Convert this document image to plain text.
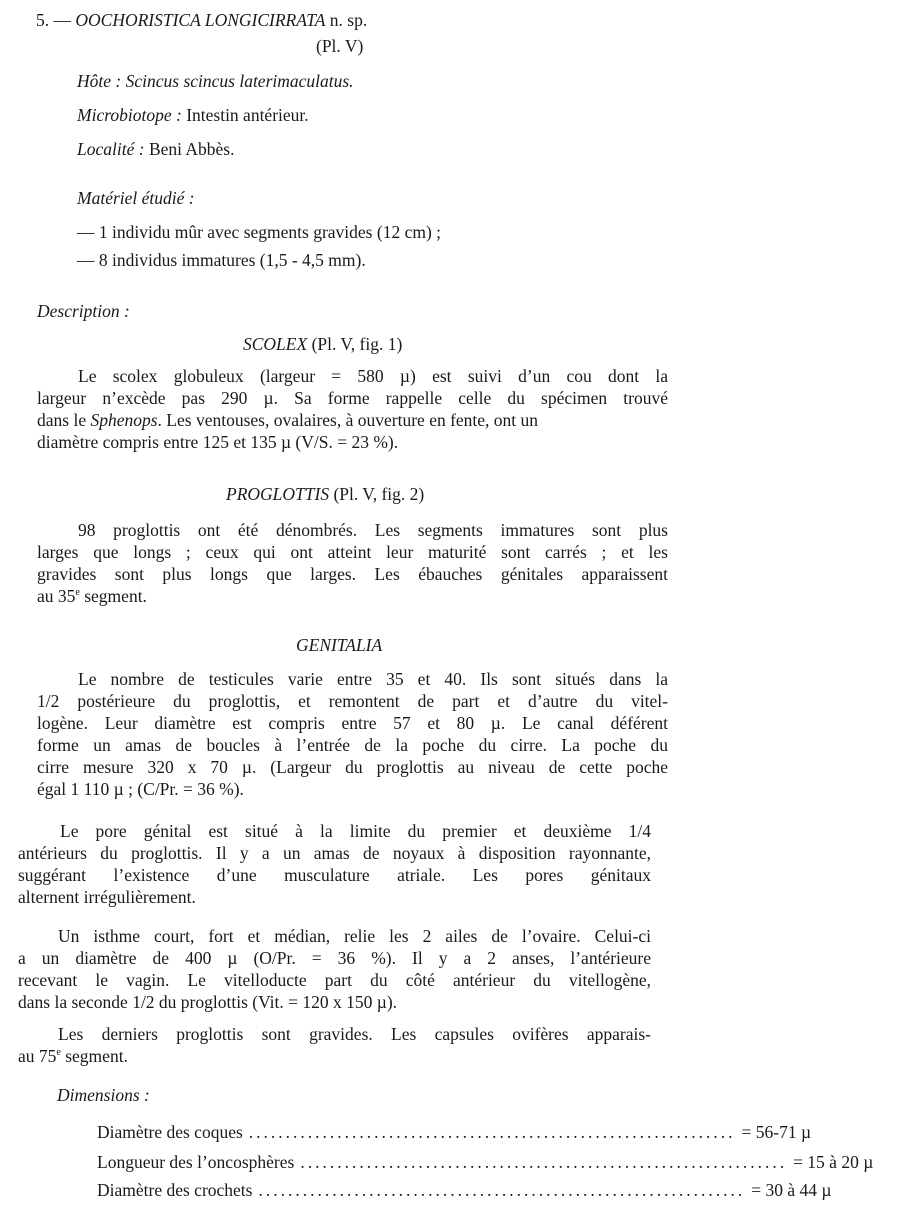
5. — OOCHORISTICA LONGICIRRATA n. sp.
(Pl. V)
Hôte : Scincus scincus laterimaculatus.
Microbiotope : Intestin antérieur.
Localité : Beni Abbès.
Matériel étudié :
— 1 individu mûr avec segments gravides (12 cm) ;
— 8 individus immatures (1,5 - 4,5 mm).
Description :
SCOLEX (Pl. V, fig. 1)
Le scolex globuleux (largeur = 580 µ) est suivi d’un cou dont la
largeur n’excède pas 290 µ. Sa forme rappelle celle du spécimen trouvé
dans le Sphenops. Les ventouses, ovalaires, à ouverture en fente, ont un
diamètre compris entre 125 et 135 µ (V/S. = 23 %).
PROGLOTTIS (Pl. V, fig. 2)
98 proglottis ont été dénombrés. Les segments immatures sont plus
larges que longs ; ceux qui ont atteint leur maturité sont carrés ; et les
gravides sont plus longs que larges. Les ébauches génitales apparaissent
au 35e segment.
GENITALIA
Le nombre de testicules varie entre 35 et 40. Ils sont situés dans la
1/2 postérieure du proglottis, et remontent de part et d’autre du vitel-
logène. Leur diamètre est compris entre 57 et 80 µ. Le canal déférent
forme un amas de boucles à l’entrée de la poche du cirre. La poche du
cirre mesure 320 x 70 µ. (Largeur du proglottis au niveau de cette poche
égal 1 110 µ ; (C/Pr. = 36 %).
Le pore génital est situé à la limite du premier et deuxième 1/4
antérieurs du proglottis. Il y a un amas de noyaux à disposition rayonnante,
suggérant l’existence d’une musculature atriale. Les pores génitaux
alternent irrégulièrement.
Un isthme court, fort et médian, relie les 2 ailes de l’ovaire. Celui-ci
a un diamètre de 400 µ (O/Pr. = 36 %). Il y a 2 anses, l’antérieure
recevant le vagin. Le vitelloducte part du côté antérieur du vitellogène,
dans la seconde 1/2 du proglottis (Vit. = 120 x 150 µ).
Les derniers proglottis sont gravides. Les capsules ovifères apparais-
au 75e segment.
Dimensions :
Diamètre des coques .................................................................. = 56-71 µ
Longueur des l’oncosphères .................................................................. = 15 à 20 µ
Diamètre des crochets .................................................................. = 30 à 44 µ
